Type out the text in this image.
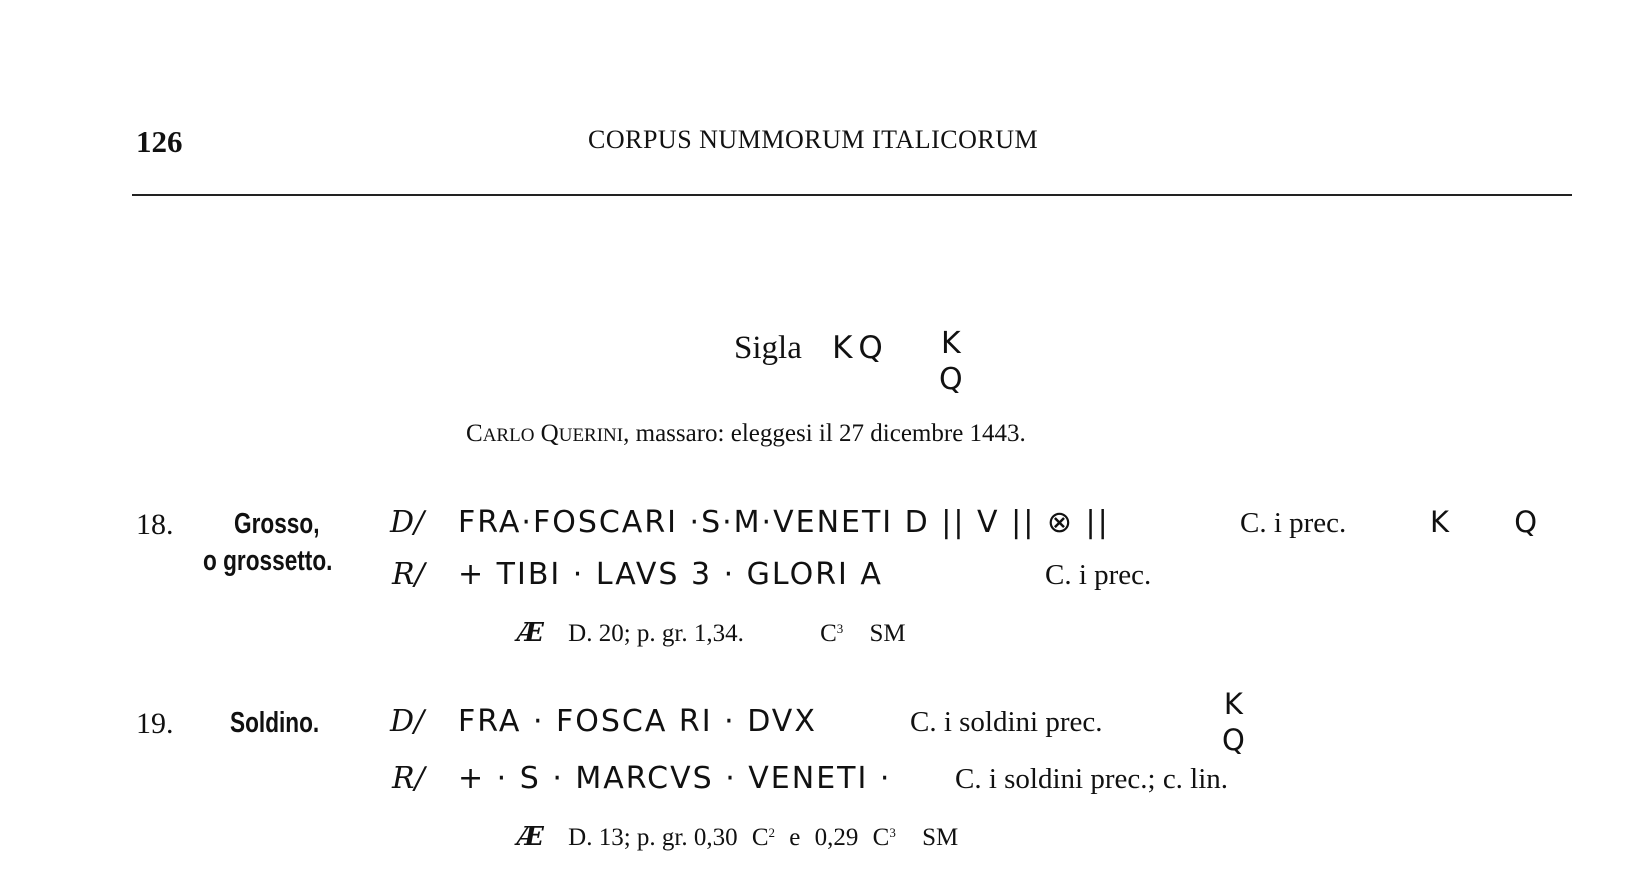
126	CORPUS NUMMORUM ITALICORUM
Sigla KQ K
Q
CARLO QUERINI, massaro: eleggesi il 27 dicembre 1443.
18. Grosso,
o grossetto.
D/ FRA·FOSCARI ·S·M·VENETI D || V || ⊗ ||	C. i prec.	K Q
R/ + TIBI · LAVS 3 · GLORI A	C. i prec.
Æ D. 20; p. gr. 1,34.	$C^3$ SM
19. Soldino. D/ FRA · FOSCA RI · DVX	C. i soldini prec.
K
Q
R/ + · S · MARCVS · VENETI · C. i soldini prec.; c. lin.
Æ D. 13; p. gr. 0,30 $C^2$ e 0,29 $C^3$ SM
